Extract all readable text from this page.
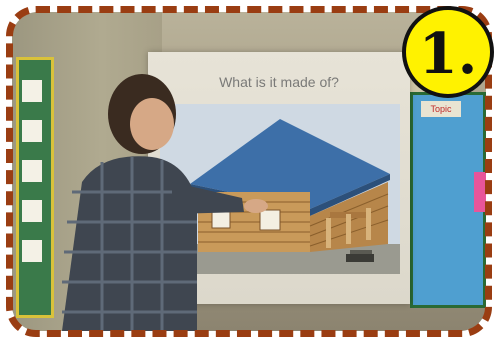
Topic
What is it made of?	1.
